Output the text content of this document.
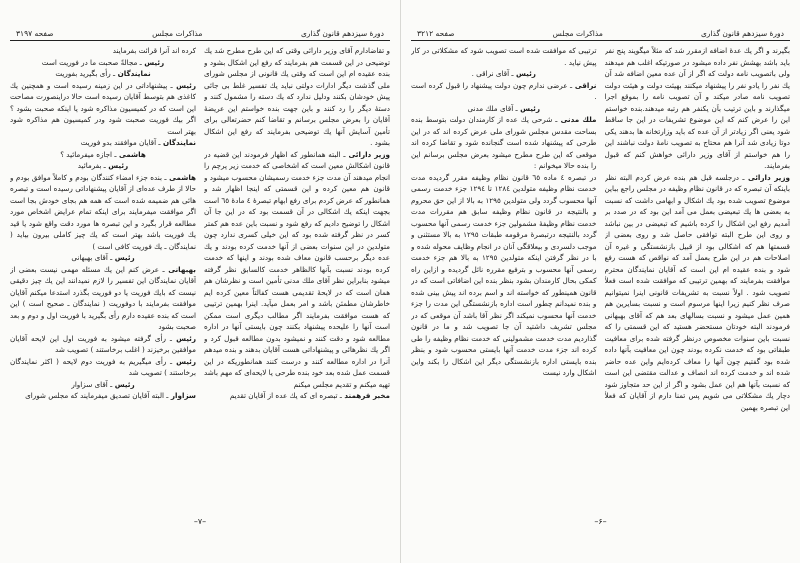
دورهٔ سیزدهم قانون گذاری
مذاکرات مجلس
صفحه ۳۲۱۲

بگیرند و اگر یك عدهٔ اضافه ازمقرر شد که مثلاً میگویند پنج نفر باید باشد بهشش نفر داده میشود در صورتیکه اغلب هم میدهند ولی باتصویب نامه دولت که اگر از آن عده معین اضافه شد آن یك نفر را یادو نفر را پیشنهاد میکنند بهیئت دولت و هیئت دولت تصویب نامه صادر میکند و آن تصویب نامه را بموقع اجرا میگذارند و باین ترتیب باَن یکنفر هم رتبه میدهند.بنده خواستم این را عرض کنم که این موضوع تشریفات در این جا ساقط شود یعنی اگر زیادتر از آن عده که باید وزارتخانه ها بدهند یکی دوتا زیادی شد آنرا هم محتاج به تصویب نامهٔ دولت نباشند این را هم خواستم از آقای وزیر دارائی خواهش کنم که قبول بفرمایند.

وزیر دارائی ـ درجلسه قبل هم بنده عرض کردم البته نظر باینکه آن تبصره که در قانون نظام وظیفه در مجلس راجع بباین موضوع تصویب شده بود یك اشکال و ابهامی داشت که نسبت به بعضی ها یك تبعیضی بعمل می آمد این بود که در صدد بر آمدیم رفع این اشکال را کرده باشیم که تبعیضی در بین نباشد و روی این طرح البته توافقی حاصل شد و روی بعضی از قسمتها هم که اشکالی بود از قبیل بازنشستگی و غیره آن اصلاحات هم در این طرح بعمل آمد که نواقص که هست رفع شود و بنده عقیده ام این است که آقایان نمایندگان محترم موافقت بفرمایند که بهمین ترتیبی که موافقت شده است فعلاً تصویب شود . اولاً نسبت به تشریفات قانونی اینرا نمیتوانیم صرف نظر کنیم زیرا اینها مرسوم است و نسبت بسایرین هم همین عمل میشود و نسبت بسالهای بعد هم که آقای بهبهانی فرمودند البته خودتان مستحضر هستید که این قسمتی را که نسبت باین سنوات مخصوص درنظر گرفته شده برای معافیت طبقاتی بود که خدمت نکرده بودند چون این معافیت بآنها داده شده بود گفتیم چون آنها را معاف کرده‌ایم واین عده حاضر شده اند و خدمت کرده اند انصاف و عدالت مقتضی این است که نسبت بآنها هم این عمل بشود و اگر از این حد متجاوز شود دچار یك مشکلاتی می شویم پس تمنا دارم از آقایان که فعلاً این تبصره بهمین

ترتیبی که موافقت شده است تصویب شود که مشکلاتی در کار پیش نیاید .

رئیس ـ آقای نراقی .

نراقی ـ عرضی ندارم چون دولت پیشنهاد را قبول کرده است .

رئیس ـ آقای ملك مدنی

ملك مدنی ـ شرحی یك عده از کارمندان دولت بتوسط بنده بساحت مقدس مجلس شورای ملی عرض کرده اند که در این طرحی که پیشنهاد شده است گنجانده شود و تقاضا کرده اند موقعی که این طرح مطرح میشود بعرض مجلس برسانم این را بنده حالا میخوانم :

در تبصره ٤ ماده ٦٥ قانون نظام وظیفه مقرر گردیده مدت خدمت نظام وظیفه متولدین ۱۲۸٤ تا ۱۲۹٤ جزء خدمت رسمی آنها محسوب گردد ولی متولدین ۱۲۹٥ به بالا از این حق محروم و بالنتیجه در قانون نظام وظیفه سابق هم مقررات مدت خدمت نظام وظیفهٔ مشمولین جزء خدمت رسمی آنها محسوب گردد بالنتیجه درتبصرهٔ مرقومه طبقات ۱۲۹٥ به بالا مستثنی و موجب دلسردی و بیعلاقگی آنان در انجام وظایف محوله شده و با در نظر گرفتن اینکه متولدین ۱۲۹٥ به بالا هم جزء خدمت رسمی آنها محسوب و بترفیع مقرره نائل گردیده و ازاین راه کمکی بحال کارمندان بشود بنظر بنده این اضافاتی است که در قانون همینطور که خواسته اند و اسم برده اند پیش بینی شده و بنده نمیدانم چطور است اداره بازنشستگی این مدت را جزء خدمت آنها محسوب نمیکند اگر نظر آقا باشد آن موقعی که در مجلس تشریف داشتید آن جا تصویب شد و ما در قانون گذاردیم مدت خدمت مشمولینی که خدمت نظام وظیفه را طی کرده اند جزء مدت خدمت آنها بایستی محسوب شود و بنظر بنده بایستی اداره بازنشستگی دیگر این اشکال را بکند واین اشکال وارد نیست

–۶–
دورهٔ سیزدهم قانون گذاری
مذاکرات مجلس
صفحه ۳۱۹۷

و تقاضادارم آقای وزیر دارائی وقتی که این طرح مطرح شد یك توضیحی در این قسمت هم بفرمایند که رفع این اشکال بشود و بنده عقیده ام این است که وقتی یك قانونی از مجلس شورای ملی گذشت دیگر ادارات دولتی نباید یك تفسیر غلط بی جائی پیش خودشان بکنند ودلیل ندارد که یك دسته را مشمول کنند و دستهٔ دیگر را رد کنند و باین جهت بنده خواستم این عریضهٔ آقایان را بعرض مجلس برسانم و تقاضا کنم حضرتعالی برای تأمین آسایش آنها یك توضیحی بفرمایند که رفع این اشکال بشود .

وزیر دارائی ـ البته همانطور که اظهار فرمودند این قضیه در قانون اشکالش معین است که اشخاصی که خدمت زیر پرچم را انجام میدهند آن مدت جزء خدمت رسمیشان محسوب میشود و قانون هم معین کرده و این قسمتی که اینجا اظهار شد و همانطور که عرض کردم برای رفع ابهام تبصرهٔ ٤ مادهٔ ٦٥ است بجهت اینکه یك اشکالی در آن قسمت بود که در این جا آن اشکال را توضیح دادیم که رفع شود و نسبت باین عده هم کمتر کسر در نظر گرفته شده بود که این خیلی کسری ندارد چون متولدین در این سنوات بعضی از آنها خدمت کرده بودند و یك عده دیگر برحسب قانون معاف شده بودند و اینها که خدمت کرده بودند نسبت بآنها کالظاهر خدمت کالسابق نظر گرفته میشود بنابراین نظر آقای ملك مدنی تأمین است و نظرشان هم همان است که در لایحهٔ تقدیمی هست کفالتاً معین کرده ایم خاطرشان مطمئن باشد و امر بعمل میآید. اینرا بهمین ترتیبی که هست موافقت بفرمایند اگر مطالب دیگری است ممکن است آنها را علیحده پیشنهاد بکنند چون بایستی آنها در اداره مطالعه شود و دقت کنند و نمیشود بدون مطالعه قبول کرد و اگر یك نظرهائی و پیشنهاداتی هست آقایان بدهند و بنده میدهم آنرا در اداره مطالعه کنند و درست کنند همانطوریکه در این قسمت عمل شده بعد خود بنده طرحی یا لایحه‌ای که مهم باشد تهیه میکنم و تقدیم مجلس میکنم

مخبر فرهمند ـ تبصره ای که یك عده از آقایان تقدیم

کرده اند آنرا قرائت بفرمایند

رئیس ـ مجالةً صحبت ما در فوریت است

نمایندگان ـ رأی بگیرید بفوریت

رئیس ـ پیشنهاداتی در این زمینه رسیده است و همچنین یك کاغذی هم بتوسط آقایان رسیده است حالا دراینصورت مصاحت این است که در کمیسیون مذاکره شود یا اینکه صحبت بشود ؟ اگر بیك فوریت صحبت شود ودر کمیسیون هم مذاکره شود بهتر است

نمایندگان ـ آقایان موافقند بدو فوریت

هاشمی ـ اجازه میفرمائید ؟

رئیس ـ بفرمائید

هاشمی ـ بنده جزء امضاء کنندگان بودم و کاملاً موافق بودم و حالا از طرف عده‌ای از آقایان پیشنهاداتی رسیده است و تبصره هائی هم ضمیمه شده است که همه هم بجای خودش بجا است اگر موافقت میفرمایند برای اینکه تمام عرایض اشخاص مورد مطالعه قرار بگیرد و این تبصره ها مورد دقت واقع شود یا قید یك فوریت باشد بهتر است که یك چیز کاملی بیرون بیاید ( نمایندگان ـ یك فوریت کافی است )

رئیس ـ آقای بهبهانی

بهبهانی ـ عرض کنم این یك مسئله مهمی نیست بعضی از آقایان نمایندگان این تفسیر را لازم نمیدانند این یك چیز دقیقی نیست که بایك فوریت یا دو فوریت بگذرد استدعا میکنم آقایان موافقت بفرمایند با دوفوریت ( نمایندگان ـ صحیح است ) این است که بنده عقیده دارم رأی بگیرید با فوریت اول و دوم و بعد صحبت بشود

رئیس ـ رأی گرفته میشود به فوریت اول این لایحه آقایان موافقین برخیزند ( اغلب برخاستند ) تصویب شد

رئیس ـ رأی میگیریم به فوریت دوم لایحه ( اکثر نمایندگان برخاستند ) تصویب شد

رئیس ـ آقای سزاوار

سزاوار ـ البته آقایان تصدیق میفرمایند که مجلس شورای

–۷–
